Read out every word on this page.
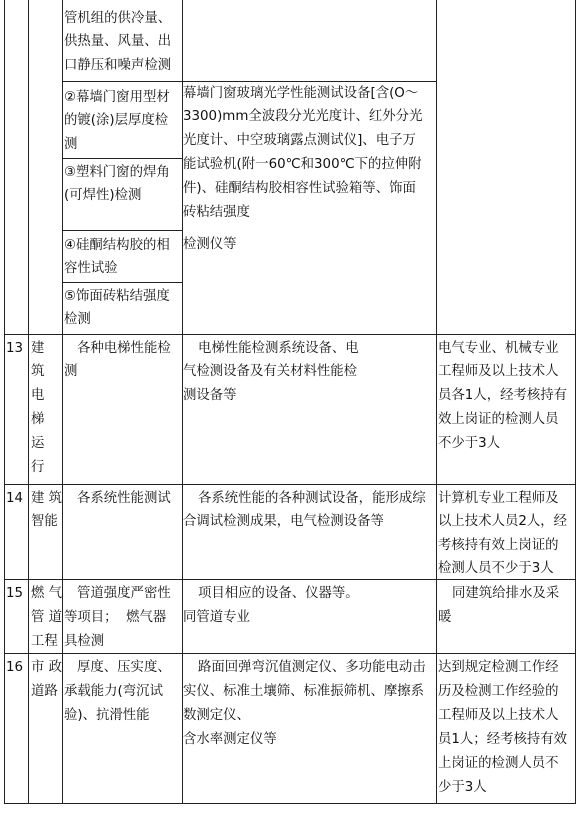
管机组的供冷量、
供热量、风量、出
口静压和噪声检测
②幕墙门窗用型材
的镀(涂)层厚度检
测
③塑料门窗的焊角
(可焊性)检测
④硅酮结构胶的相
容性试验
⑤饰面砖粘结强度
检测
幕墙门窗玻璃光学性能测试设备[含(O～
3300)mm全波段分光光度计、红外分光
光度计、中空玻璃露点测试仪]、电子万
能试验机(附一60℃和300℃下的拉伸附
件)、硅酮结构胶相容性试验箱等、饰面
砖粘结强度
检测仪等
13 建
筑
电
梯
运
行
各种电梯性能检
测
电梯性能检测系统设备、电
气检测设备及有关材料性能检
测设备等
电气专业、机械专业
工程师及以上技术人
员各1人，经考核持有
效上岗证的检测人员
不少于3人
14 建 筑
智能
各系统性能测试 各系统性能的各种测试设备，能形成综
合调试检测成果，电气检测设备等
计算机专业工程师及
以上技术人员2人，经
考核持有效上岗证的
检测人员不少于3人
15 燃 气
管 道
工程
管道强度严密性
等项目；  燃气器
具检测
项目相应的设备、仪器等。
同管道专业
同建筑给排水及采
暖
16 市 政
道路
厚度、压实度、
承载能力(弯沉试
验)、抗滑性能
路面回弹弯沉值测定仪、多功能电动击
实仪、标准土壤筛、标准振筛机、摩擦系
数测定仪、
含水率测定仪等
达到规定检测工作经
历及检测工作经验的
工程师及以上技术人
员1人；经考核持有效
上岗证的检测人员不
少于3人
